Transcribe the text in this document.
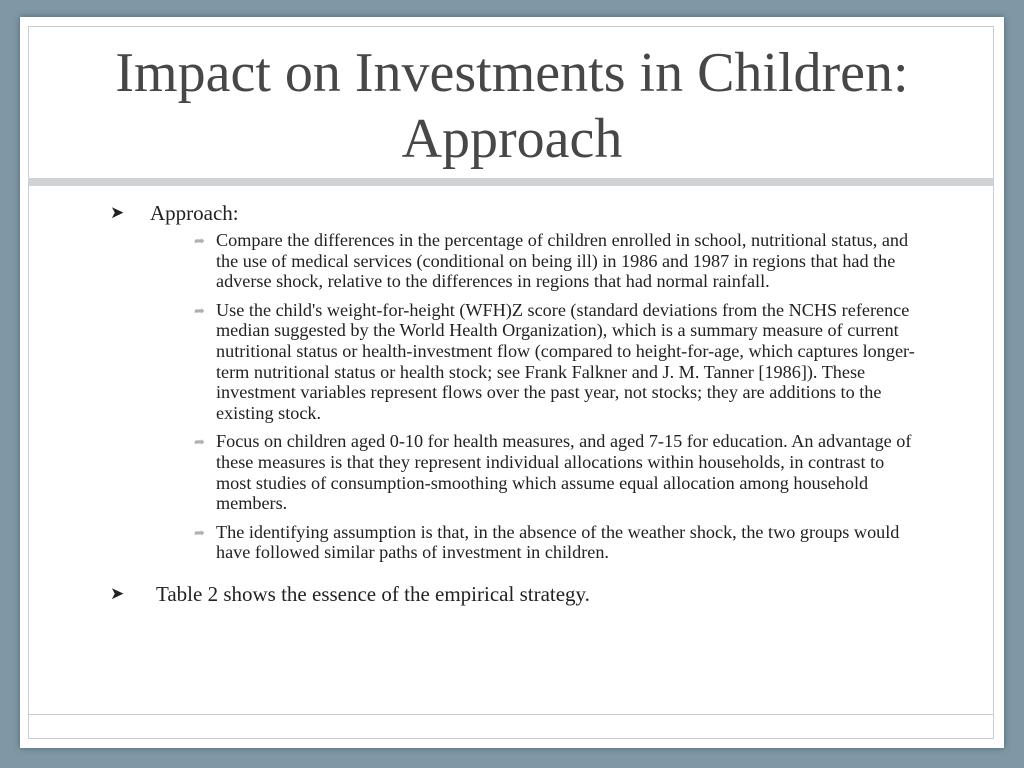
Impact on Investments in Children: Approach
➤ Approach:
➦ Compare the differences in the percentage of children enrolled in school, nutritional status, and the use of medical services (conditional on being ill) in 1986 and 1987 in regions that had the adverse shock, relative to the differences in regions that had normal rainfall.
➦ Use the child's weight-for-height (WFH)Z score (standard deviations from the NCHS reference median suggested by the World Health Organization), which is a summary measure of current nutritional status or health-investment flow (compared to height-for-age, which captures longer-term nutritional status or health stock; see Frank Falkner and J. M. Tanner [1986]). These investment variables represent flows over the past year, not stocks; they are additions to the existing stock.
➦ Focus on children aged 0-10 for health measures, and aged 7-15 for education. An advantage of these measures is that they represent individual allocations within households, in contrast to most studies of consumption-smoothing which assume equal allocation among household members.
➦ The identifying assumption is that, in the absence of the weather shock, the two groups would have followed similar paths of investment in children.
➤ Table 2 shows the essence of the empirical strategy.
